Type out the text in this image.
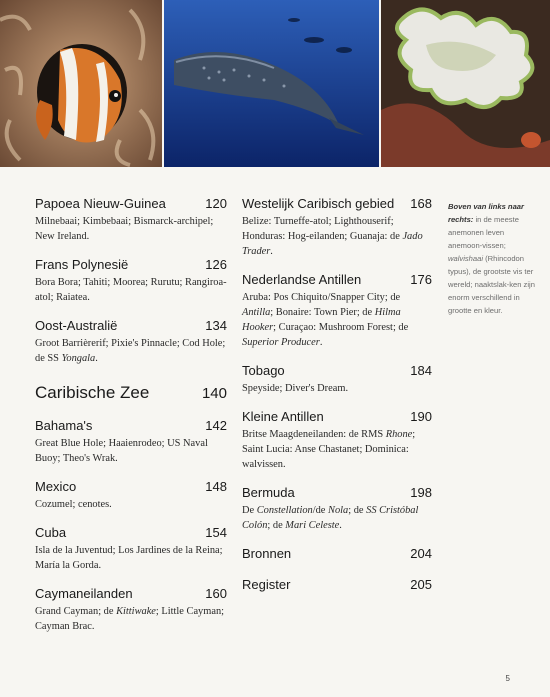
Papoea Nieuw-Guinea	120
Milnebaai; Kimbebaai; Bismarck-archipel; New Ireland.
Frans Polynesië	126
Bora Bora; Tahiti; Moorea; Rurutu; Rangiroa-atol; Raiatea.
Oost-Australië	134
Groot Barrièrerif; Pixie's Pinnacle; Cod Hole; de SS Yongala.
Caribische Zee	140
Bahama's	142
Great Blue Hole; Haaienrodeo; US Naval Buoy; Theo's Wrak.
Mexico	148
Cozumel; cenotes.
Cuba	154
Isla de la Juventud; Los Jardines de la Reina; María la Gorda.
Caymaneilanden	160
Grand Cayman; de Kittiwake; Little Cayman; Cayman Brac.
Westelijk Caribisch gebied 168
Belize: Turneffe-atol; Lighthouserif; Honduras: Hog-eilanden; Guanaja: de Jado Trader.
Nederlandse Antillen	176
Aruba: Pos Chiquito/Snapper City; de Antilla; Bonaire: Town Pier; de Hilma Hooker; Curaçao: Mushroom Forest; de Superior Producer.
Tobago	184
Speyside; Diver's Dream.
Kleine Antillen	190
Britse Maagdeneilanden: de RMS Rhone; Saint Lucia: Anse Chastanet; Dominica: walvissen.
Bermuda	198
De Constellation/de Nola; de SS Cristóbal Colón; de Mari Celeste.
Bronnen	204
Register	205
Boven van links naar rechts: in de meeste anemonen leven anemoon-vissen; walvishaai (Rhincodon typus), de grootste vis ter wereld; naaktslak-ken zijn enorm verschillend in grootte en kleur.
5
